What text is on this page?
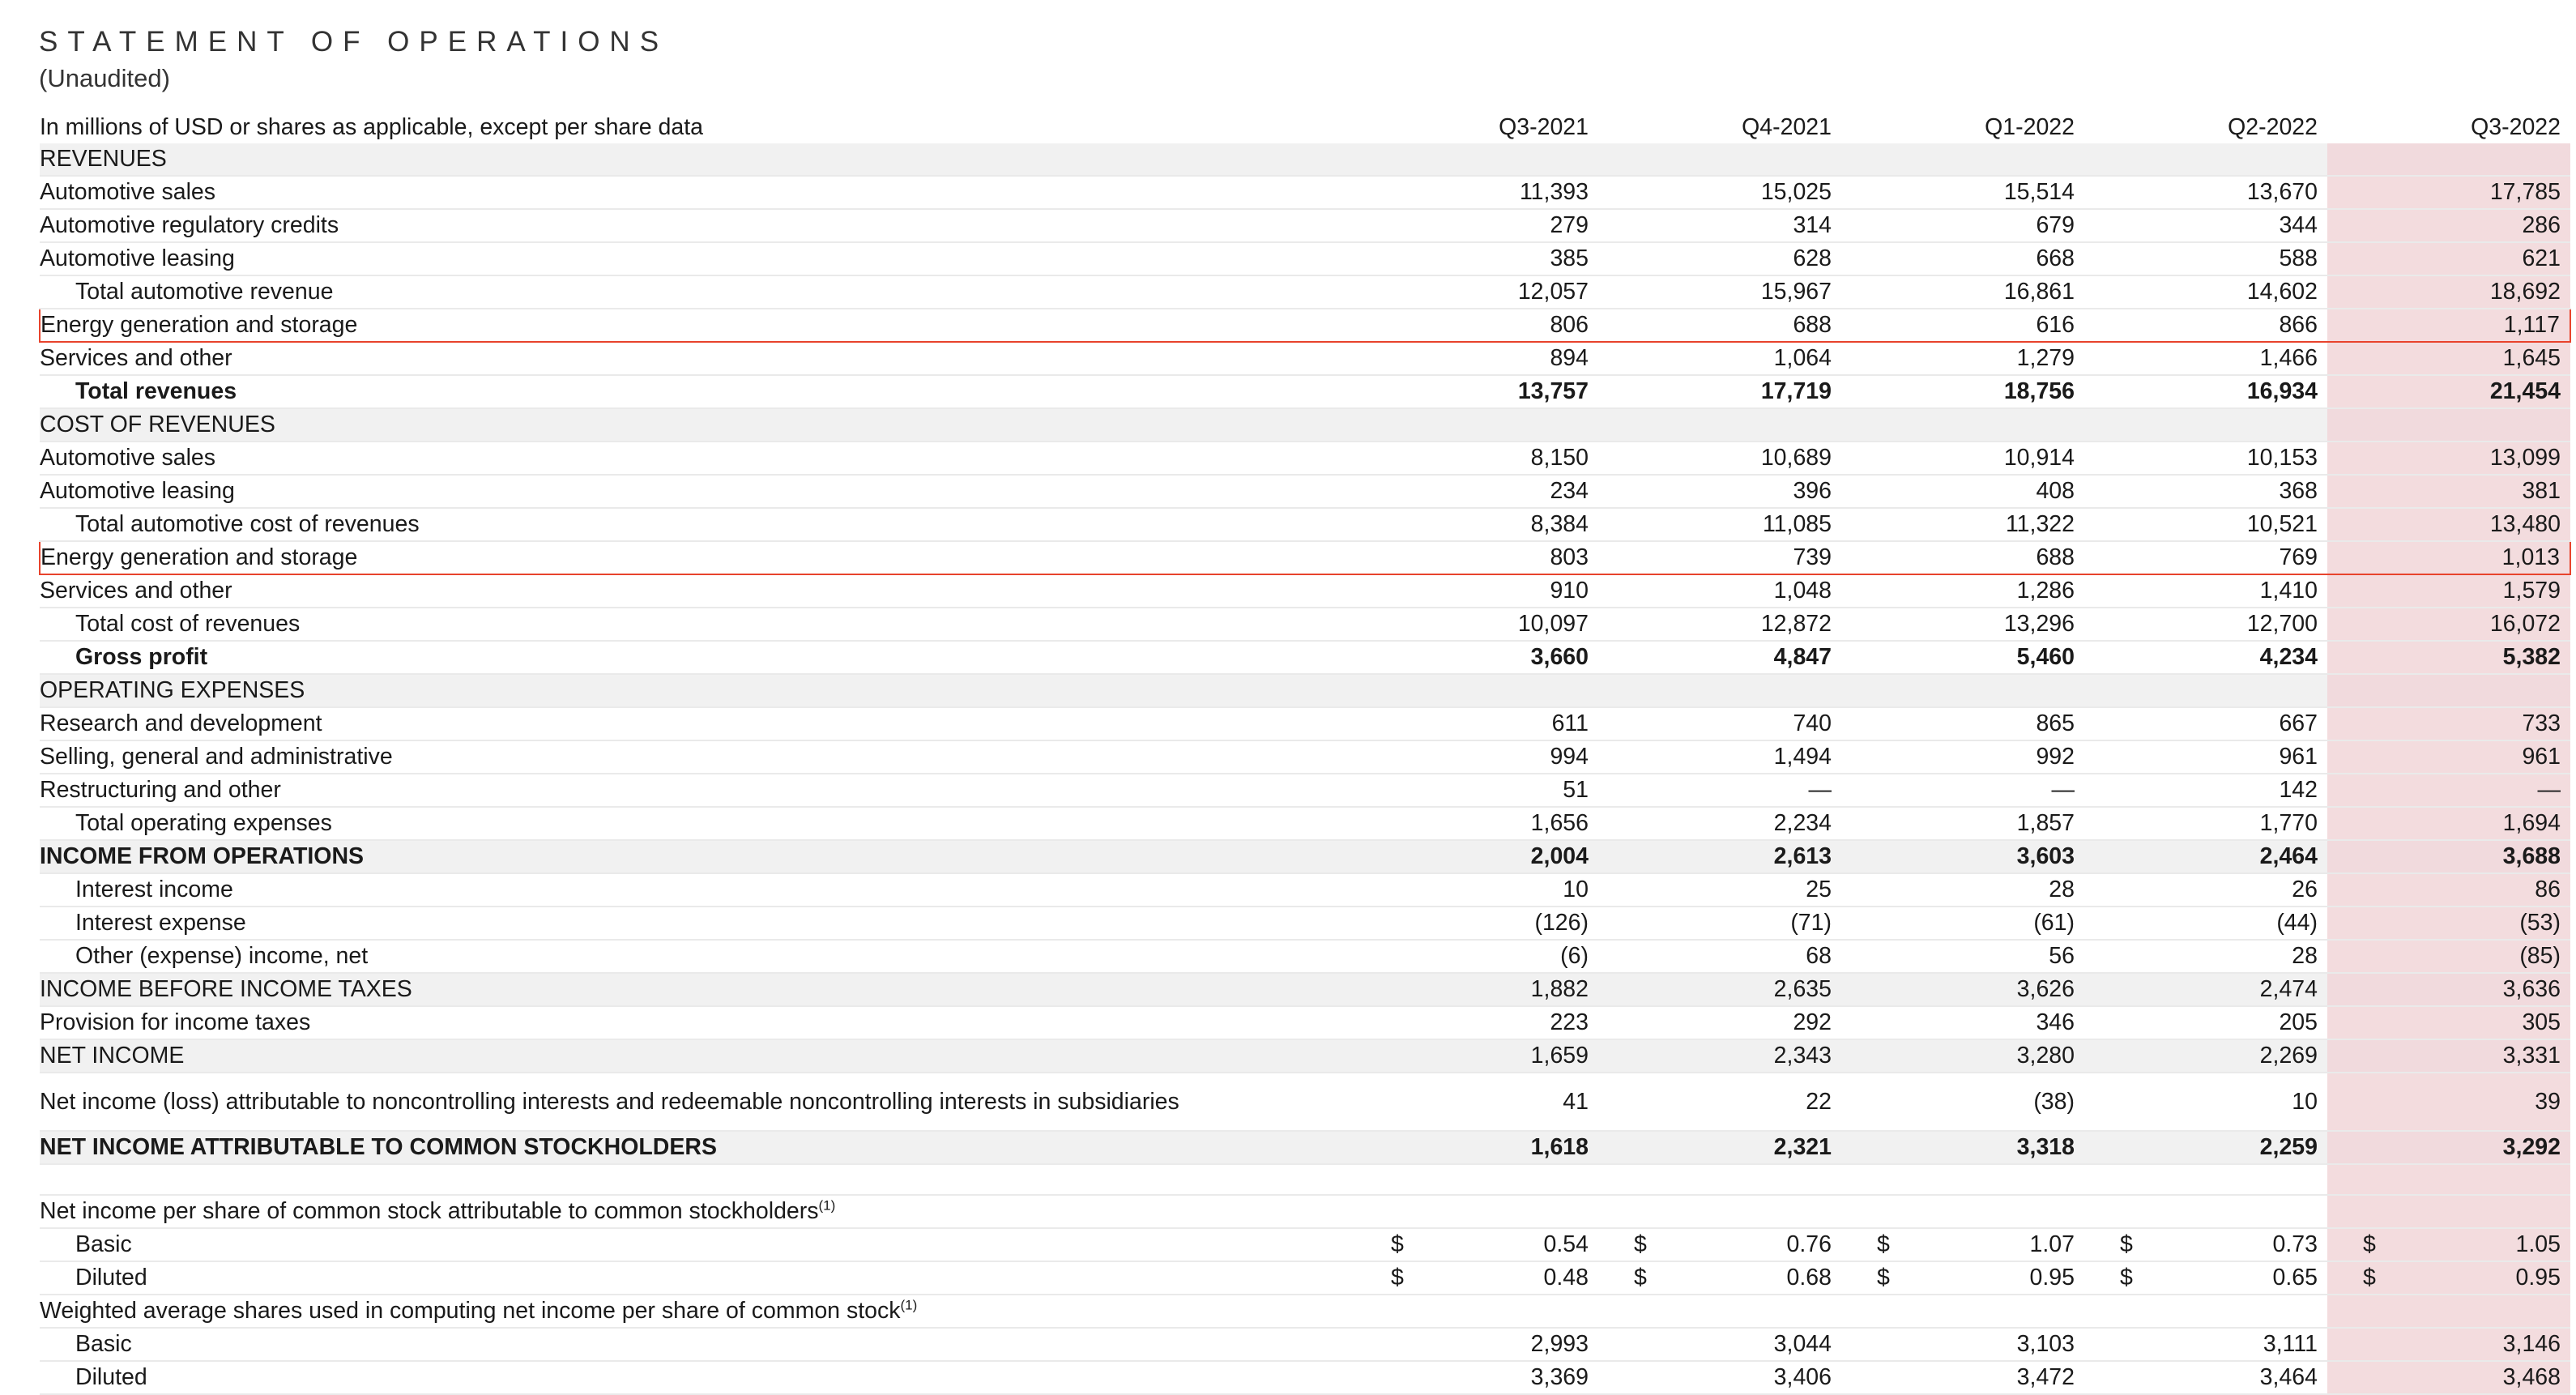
STATEMENT OF OPERATIONS
(Unaudited)
In millions of USD or shares as applicable, except per share data	Q3-2021	Q4-2021	Q1-2022	Q2-2022	Q3-2022
REVENUES					
Automotive sales	11,393	15,025	15,514	13,670	17,785
Automotive regulatory credits	279	314	679	344	286
Automotive leasing	385	628	668	588	621
Total automotive revenue	12,057	15,967	16,861	14,602	18,692
Energy generation and storage	806	688	616	866	1,117
Services and other	894	1,064	1,279	1,466	1,645
Total revenues	13,757	17,719	18,756	16,934	21,454
COST OF REVENUES					
Automotive sales	8,150	10,689	10,914	10,153	13,099
Automotive leasing	234	396	408	368	381
Total automotive cost of revenues	8,384	11,085	11,322	10,521	13,480
Energy generation and storage	803	739	688	769	1,013
Services and other	910	1,048	1,286	1,410	1,579
Total cost of revenues	10,097	12,872	13,296	12,700	16,072
Gross profit	3,660	4,847	5,460	4,234	5,382
OPERATING EXPENSES					
Research and development	611	740	865	667	733
Selling, general and administrative	994	1,494	992	961	961
Restructuring and other	51	—	—	142	—
Total operating expenses	1,656	2,234	1,857	1,770	1,694
INCOME FROM OPERATIONS	2,004	2,613	3,603	2,464	3,688
Interest income	10	25	28	26	86
Interest expense	(126)	(71)	(61)	(44)	(53)
Other (expense) income, net	(6)	68	56	28	(85)
INCOME BEFORE INCOME TAXES	1,882	2,635	3,626	2,474	3,636
Provision for income taxes	223	292	346	205	305
NET INCOME	1,659	2,343	3,280	2,269	3,331
Net income (loss) attributable to noncontrolling interests and redeemable noncontrolling interests in subsidiaries	41	22	(38)	10	39
NET INCOME ATTRIBUTABLE TO COMMON STOCKHOLDERS	1,618	2,321	3,318	2,259	3,292

Net income per share of common stock attributable to common stockholders$^{(1)}$					
Basic	$ 0.54	$ 0.76	$ 1.07	$ 0.73	$ 1.05
Diluted	$ 0.48	$ 0.68	$ 0.95	$ 0.65	$ 0.95
Weighted average shares used in computing net income per share of common stock$^{(1)}$					
Basic	2,993	3,044	3,103	3,111	3,146
Diluted	3,369	3,406	3,472	3,464	3,468
